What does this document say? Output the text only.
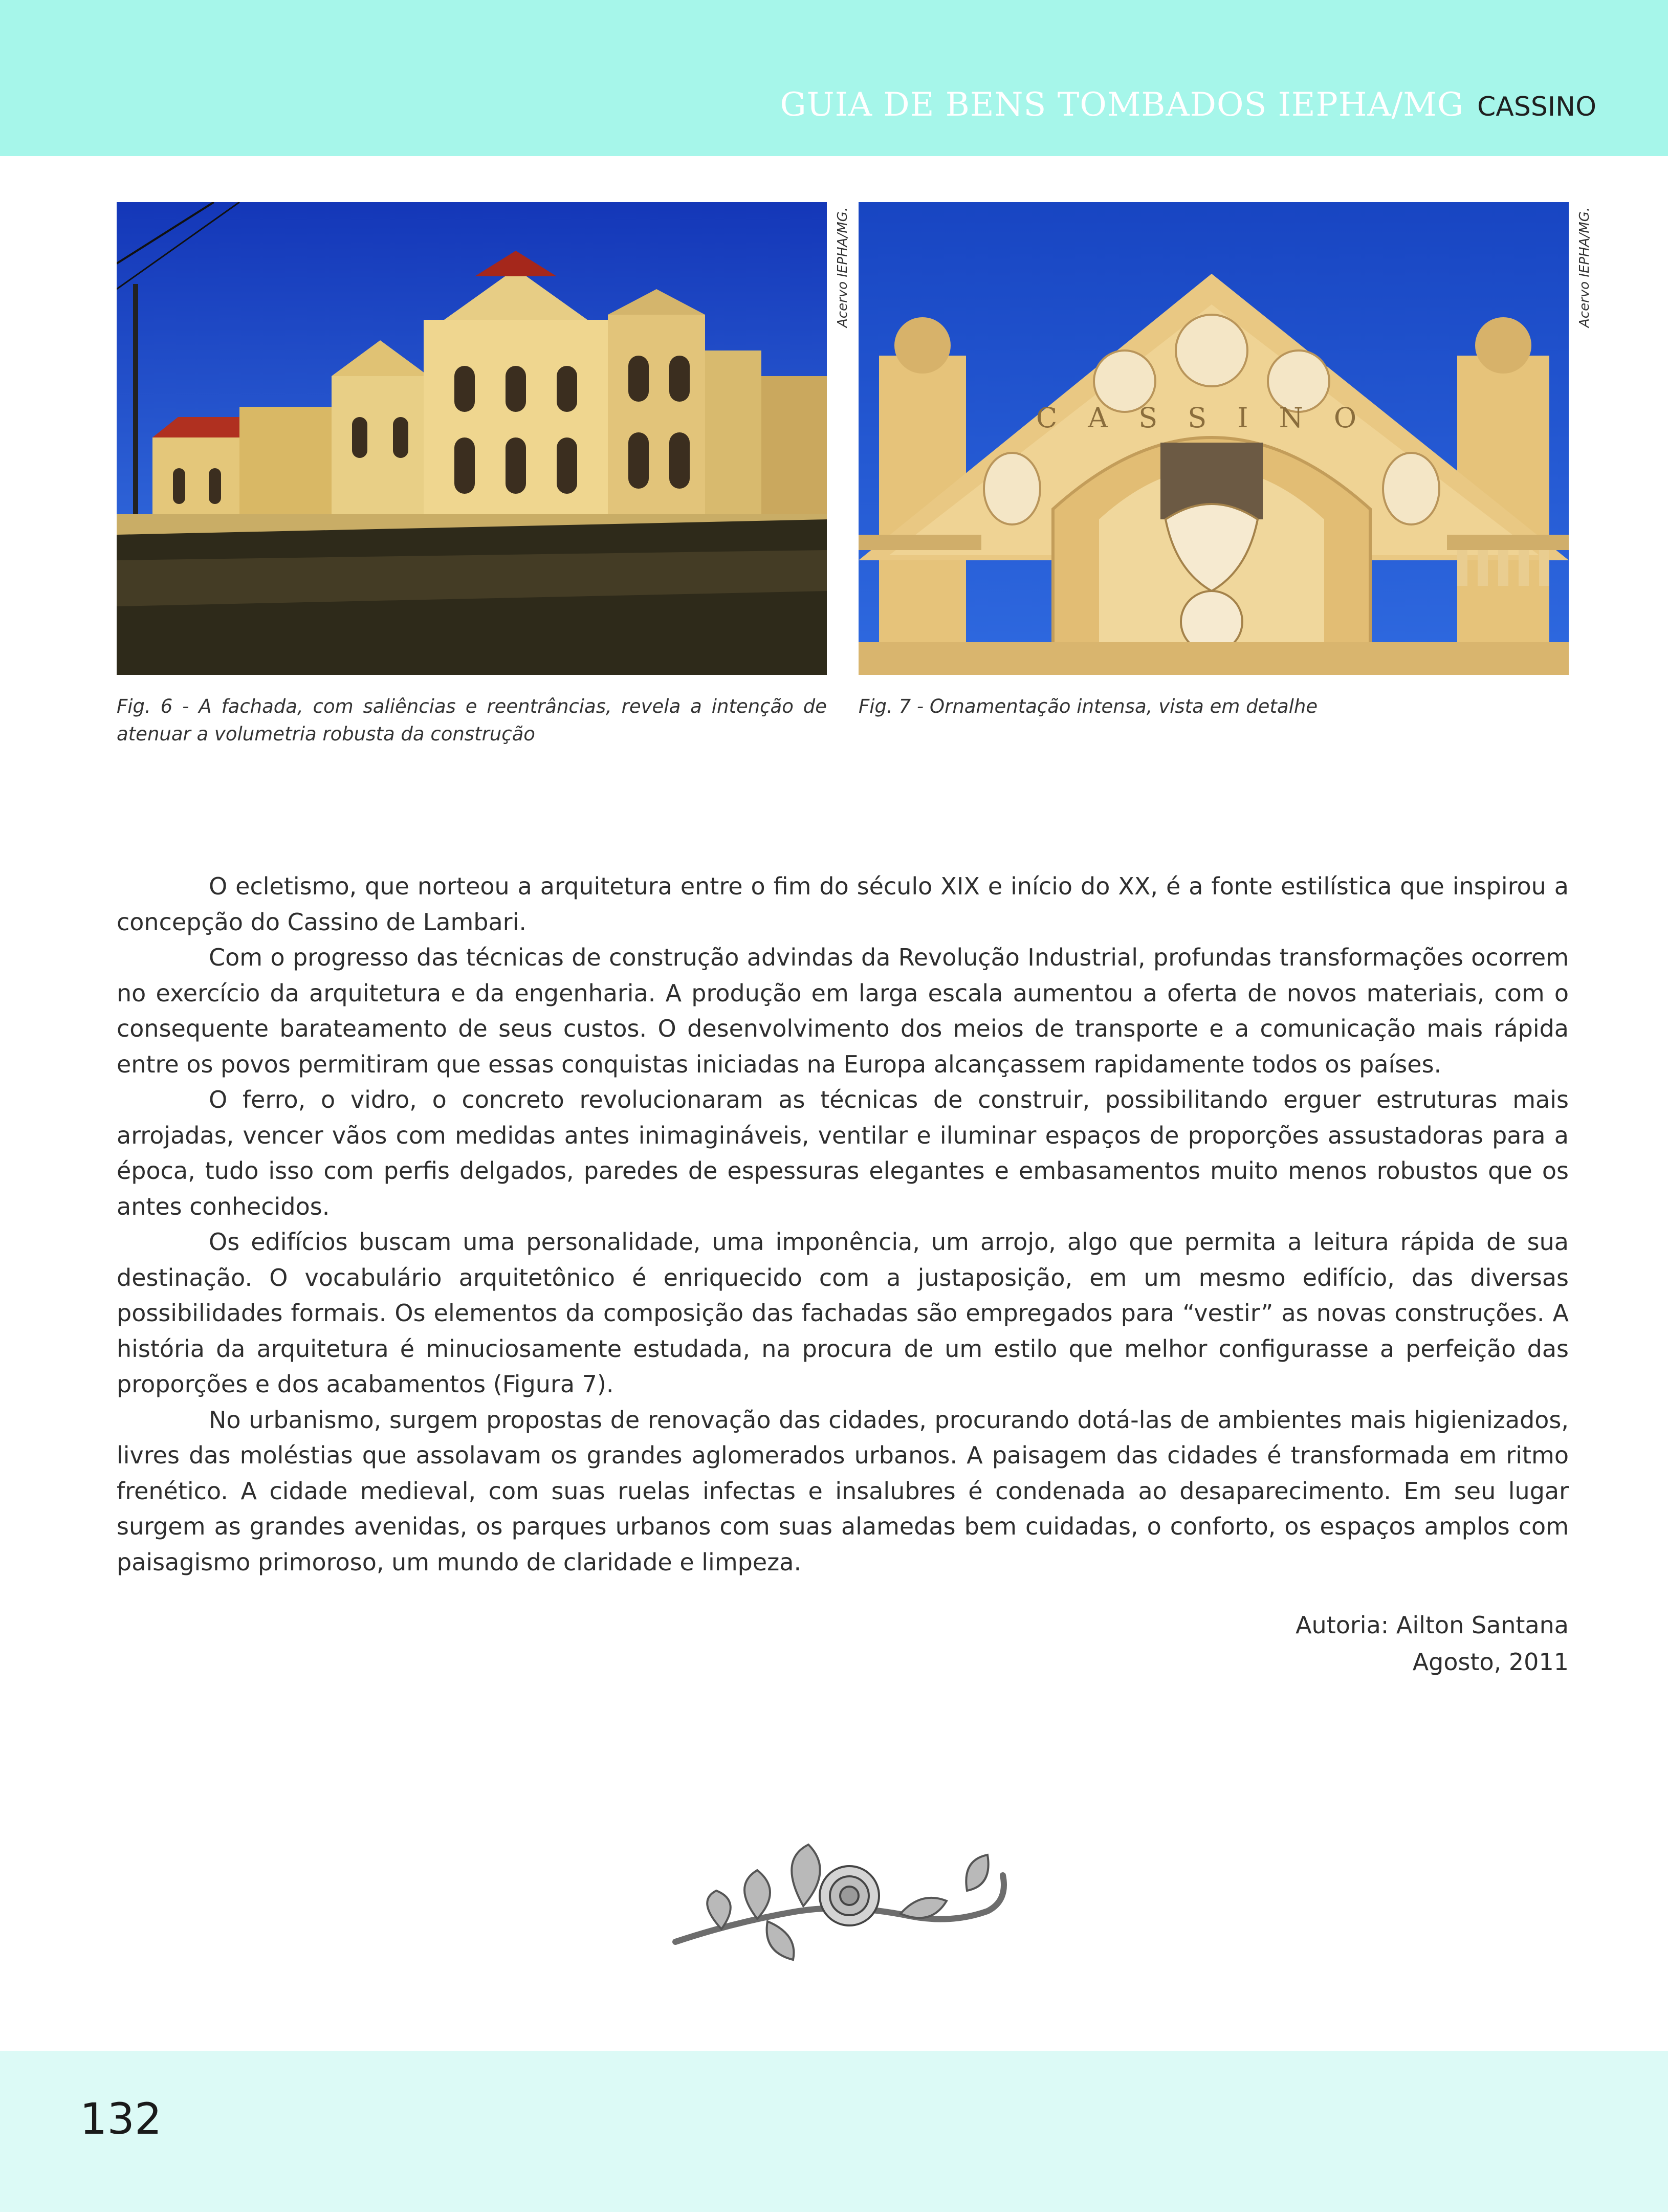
GUIA DE BENS TOMBADOS IEPHA/MG CASSINO
Acervo IEPHA/MG.
CASSINO
Acervo IEPHA/MG.
Fig. 6 - A fachada, com saliências e reentrâncias, revela a intenção de atenuar a volumetria robusta da construção
Fig. 7 - Ornamentação intensa, vista em detalhe

O ecletismo, que norteou a arquitetura entre o fim do século XIX e início do XX, é a fonte estilística que inspirou a concepção do Cassino de Lambari.

Com o progresso das técnicas de construção advindas da Revolução Industrial, profundas transformações ocorrem no exercício da arquitetura e da engenharia. A produção em larga escala aumentou a oferta de novos materiais, com o consequente barateamento de seus custos. O desenvolvimento dos meios de transporte e a comunicação mais rápida entre os povos permitiram que essas conquistas iniciadas na Europa alcançassem rapidamente todos os países.

O ferro, o vidro, o concreto revolucionaram as técnicas de construir, possibilitando erguer estruturas mais arrojadas, vencer vãos com medidas antes inimagináveis, ventilar e iluminar espaços de proporções assustadoras para a época, tudo isso com perfis delgados, paredes de espessuras elegantes e embasamentos muito menos robustos que os antes conhecidos.

Os edifícios buscam uma personalidade, uma imponência, um arrojo, algo que permita a leitura rápida de sua destinação. O vocabulário arquitetônico é enriquecido com a justaposição, em um mesmo edifício, das diversas possibilidades formais. Os elementos da composição das fachadas são empregados para “vestir” as novas construções. A história da arquitetura é minuciosamente estudada, na procura de um estilo que melhor configurasse a perfeição das proporções e dos acabamentos (Figura 7).

No urbanismo, surgem propostas de renovação das cidades, procurando dotá-las de ambientes mais higienizados, livres das moléstias que assolavam os grandes aglomerados urbanos. A paisagem das cidades é transformada em ritmo frenético. A cidade medieval, com suas ruelas infectas e insalubres é condenada ao desaparecimento. Em seu lugar surgem as grandes avenidas, os parques urbanos com suas alamedas bem cuidadas, o conforto, os espaços amplos com paisagismo primoroso, um mundo de claridade e limpeza.

Autoria: Ailton Santana
Agosto, 2011
132
